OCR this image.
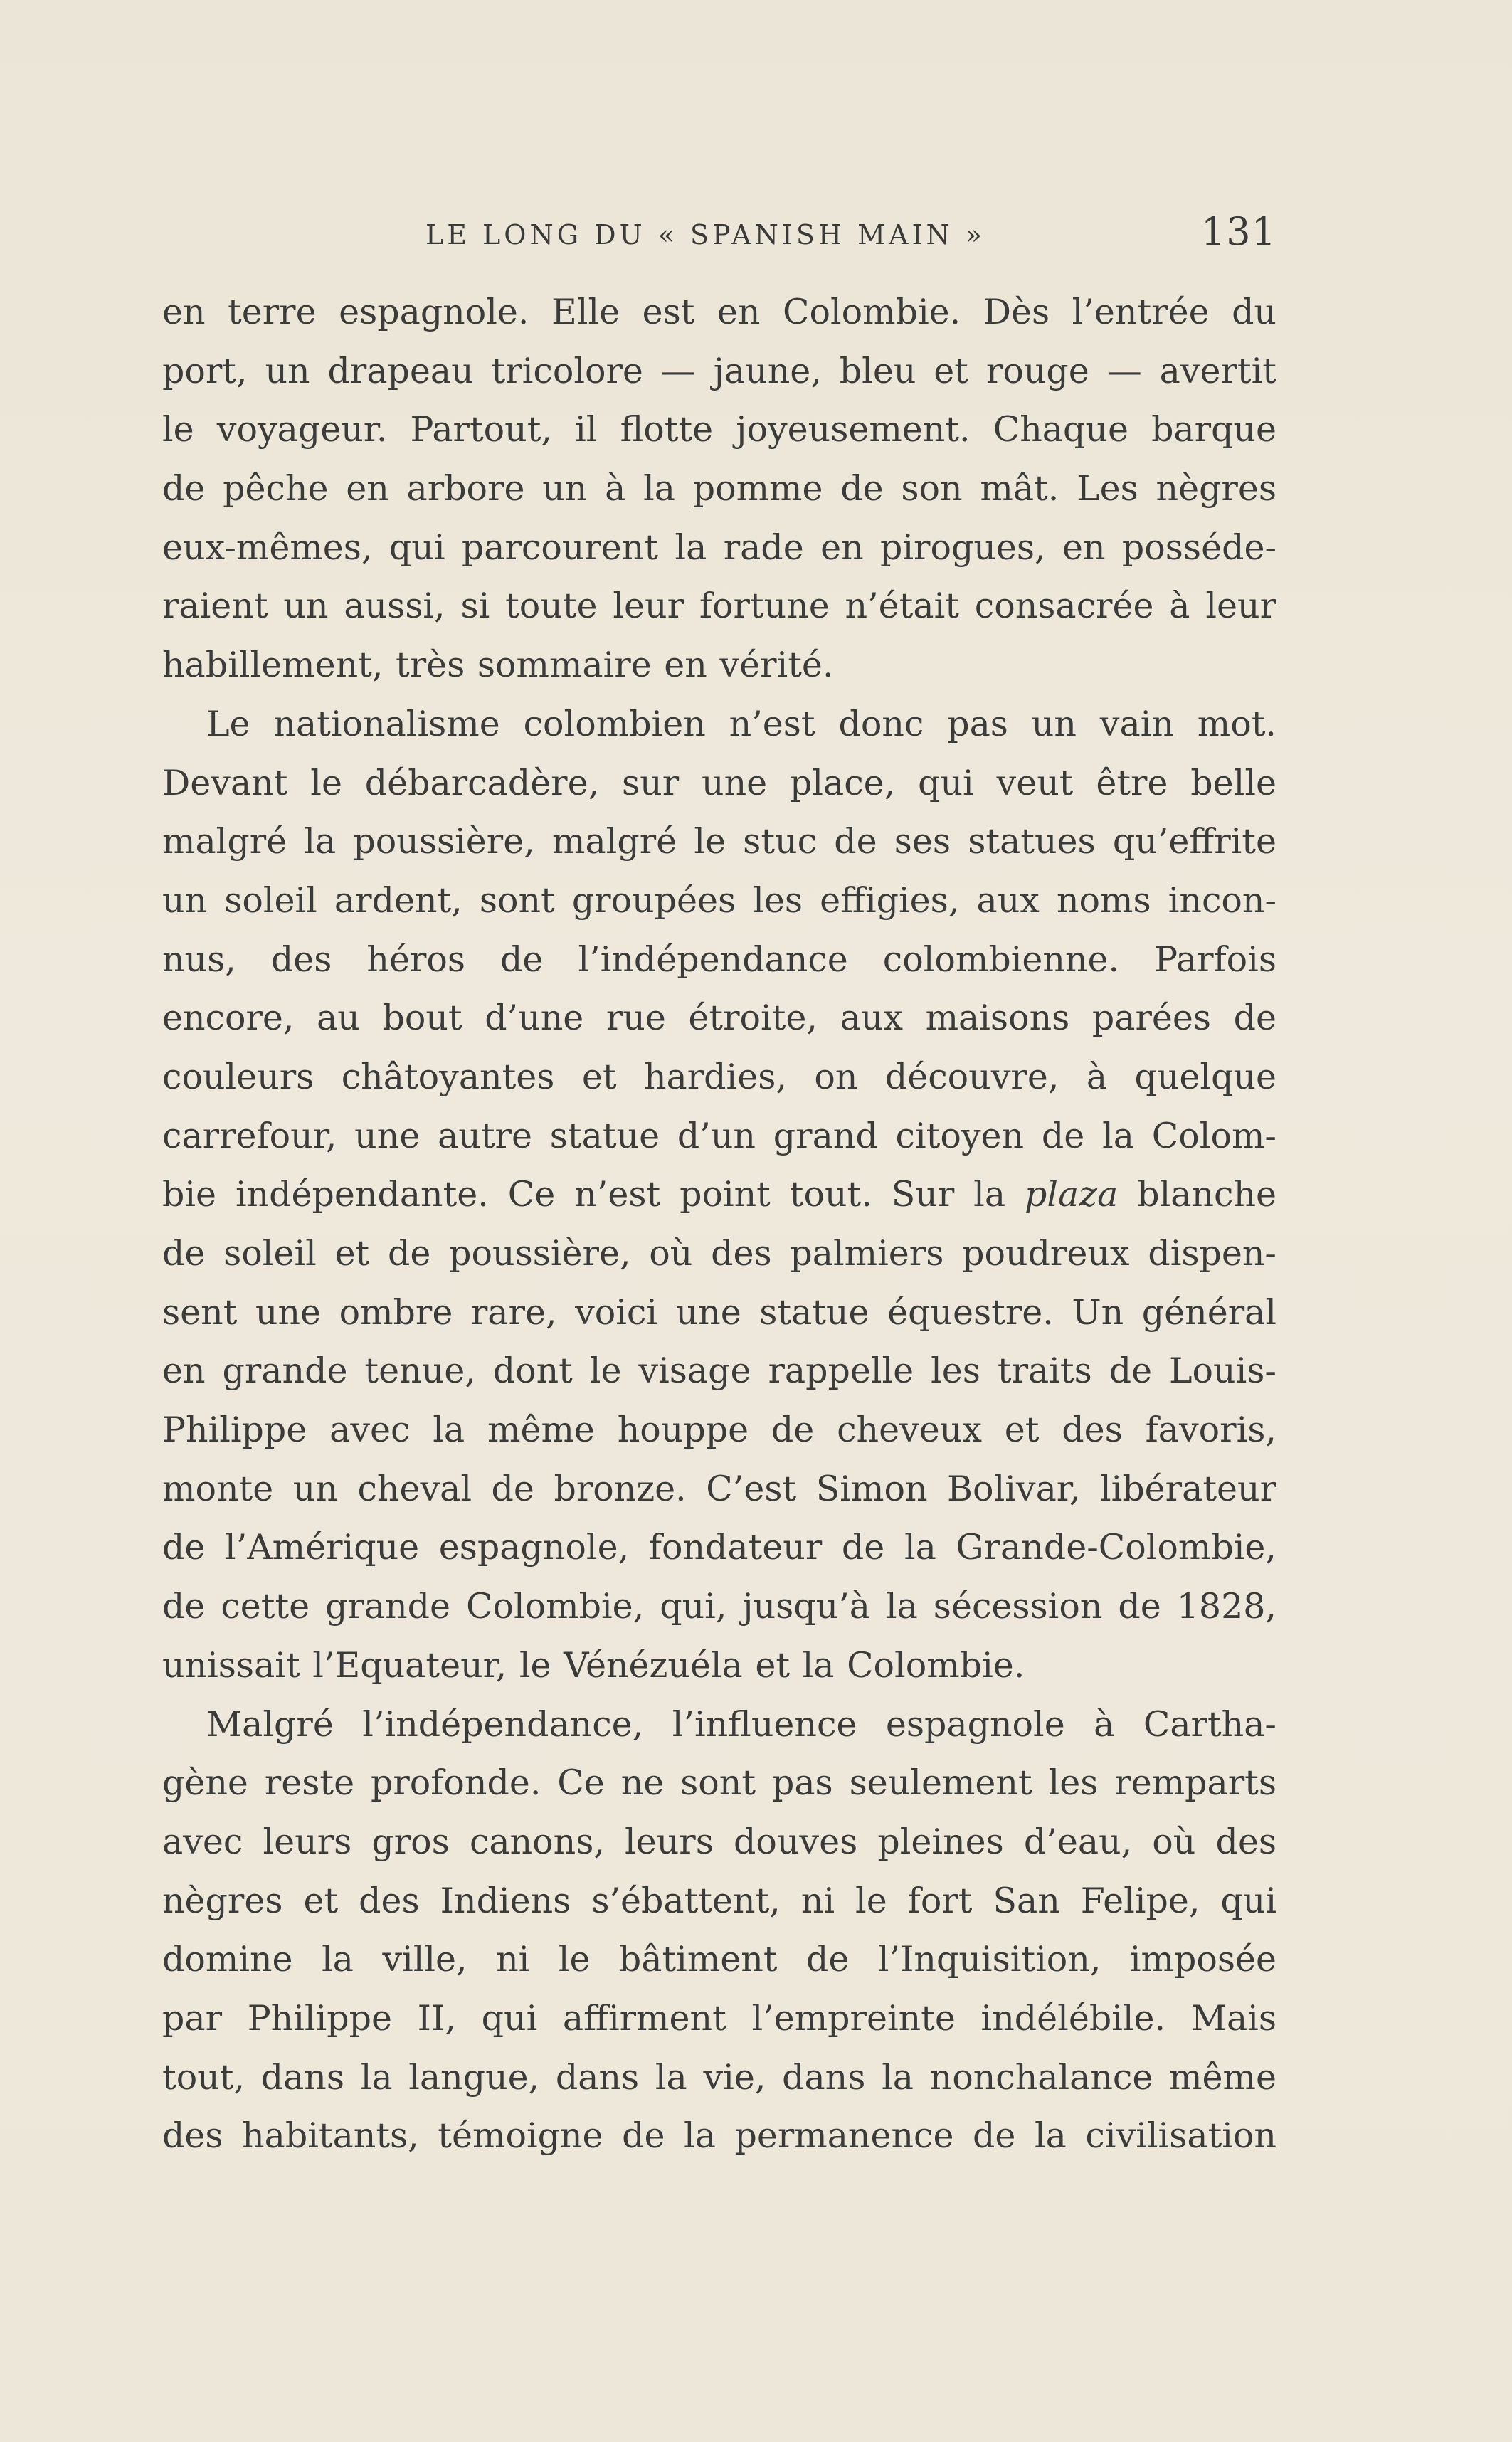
LE LONG DU « SPANISH MAIN »	131
en terre espagnole. Elle est en Colombie. Dès l’entrée du
port, un drapeau tricolore — jaune, bleu et rouge — avertit
le voyageur. Partout, il flotte joyeusement. Chaque barque
de pêche en arbore un à la pomme de son mât. Les nègres
eux-mêmes, qui parcourent la rade en pirogues, en posséde-
raient un aussi, si toute leur fortune n’était consacrée à leur
habillement, très sommaire en vérité.
Le nationalisme colombien n’est donc pas un vain mot.
Devant le débarcadère, sur une place, qui veut être belle
malgré la poussière, malgré le stuc de ses statues qu’effrite
un soleil ardent, sont groupées les effigies, aux noms incon-
nus, des héros de l’indépendance colombienne. Parfois
encore, au bout d’une rue étroite, aux maisons parées de
couleurs châtoyantes et hardies, on découvre, à quelque
carrefour, une autre statue d’un grand citoyen de la Colom-
bie indépendante. Ce n’est point tout. Sur la plaza blanche
de soleil et de poussière, où des palmiers poudreux dispen-
sent une ombre rare, voici une statue équestre. Un général
en grande tenue, dont le visage rappelle les traits de Louis-
Philippe avec la même houppe de cheveux et des favoris,
monte un cheval de bronze. C’est Simon Bolivar, libérateur
de l’Amérique espagnole, fondateur de la Grande-Colombie,
de cette grande Colombie, qui, jusqu’à la sécession de 1828,
unissait l’Equateur, le Vénézuéla et la Colombie.
Malgré l’indépendance, l’influence espagnole à Cartha-
gène reste profonde. Ce ne sont pas seulement les remparts
avec leurs gros canons, leurs douves pleines d’eau, où des
nègres et des Indiens s’ébattent, ni le fort San Felipe, qui
domine la ville, ni le bâtiment de l’Inquisition, imposée
par Philippe II, qui affirment l’empreinte indélébile. Mais
tout, dans la langue, dans la vie, dans la nonchalance même
des habitants, témoigne de la permanence de la civilisation
